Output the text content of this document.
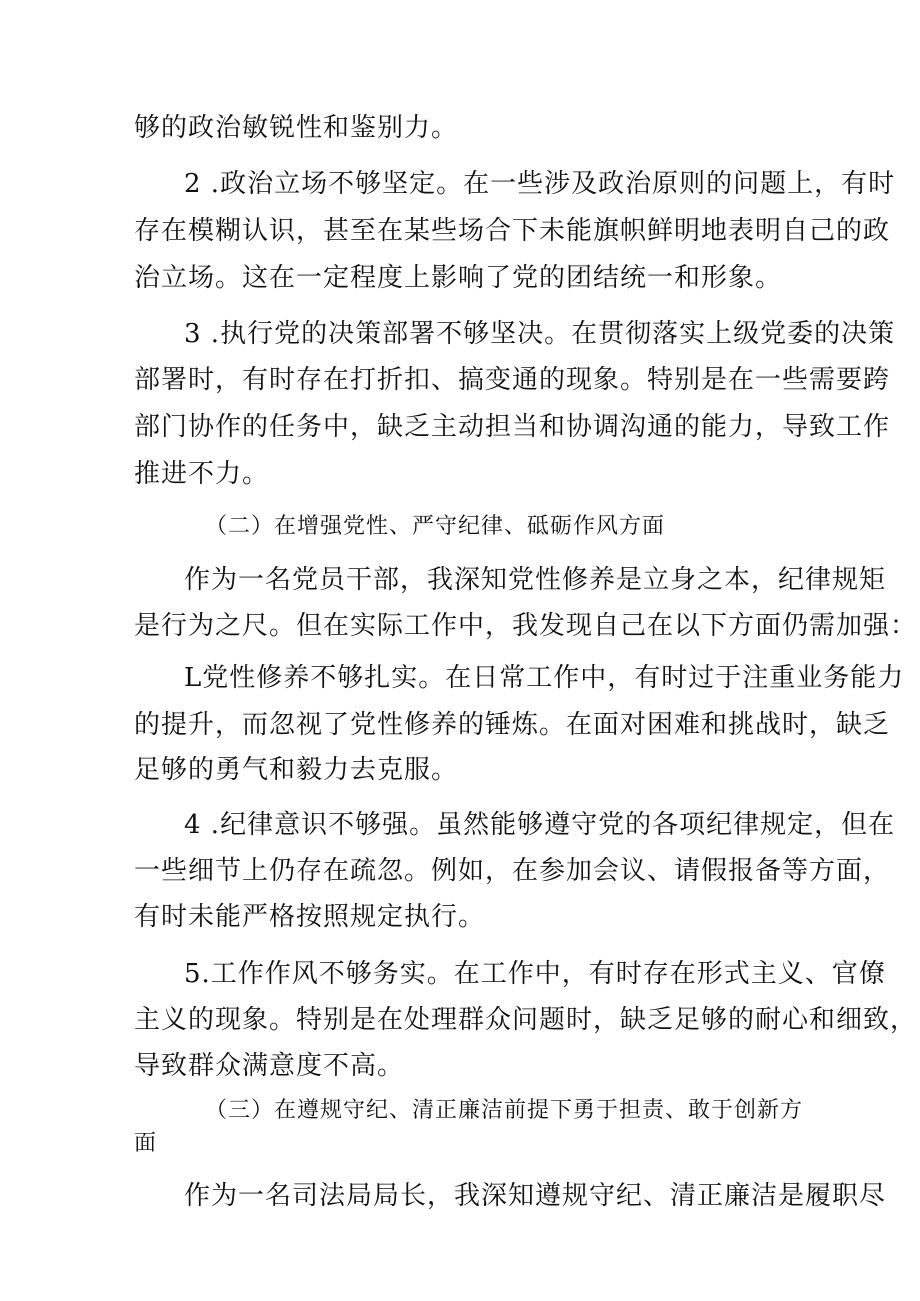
够的政治敏锐性和鉴别力。
2 .政治立场不够坚定。在一些涉及政治原则的问题上，有时
存在模糊认识，甚至在某些场合下未能旗帜鲜明地表明自己的政
治立场。这在一定程度上影响了党的团结统一和形象。
3 .执行党的决策部署不够坚决。在贯彻落实上级党委的决策
部署时，有时存在打折扣、搞变通的现象。特别是在一些需要跨
部门协作的任务中，缺乏主动担当和协调沟通的能力，导致工作
推进不力。
（二）在增强党性、严守纪律、砥砺作风方面
作为一名党员干部，我深知党性修养是立身之本，纪律规矩
是行为之尺。但在实际工作中，我发现自己在以下方面仍需加强：
L党性修养不够扎实。在日常工作中，有时过于注重业务能力
的提升，而忽视了党性修养的锤炼。在面对困难和挑战时，缺乏
足够的勇气和毅力去克服。
4 .纪律意识不够强。虽然能够遵守党的各项纪律规定，但在
一些细节上仍存在疏忽。例如，在参加会议、请假报备等方面，
有时未能严格按照规定执行。
5.工作作风不够务实。在工作中，有时存在形式主义、官僚
主义的现象。特别是在处理群众问题时，缺乏足够的耐心和细致，
导致群众满意度不高。
（三）在遵规守纪、清正廉洁前提下勇于担责、敢于创新方
面
作为一名司法局局长，我深知遵规守纪、清正廉洁是履职尽
